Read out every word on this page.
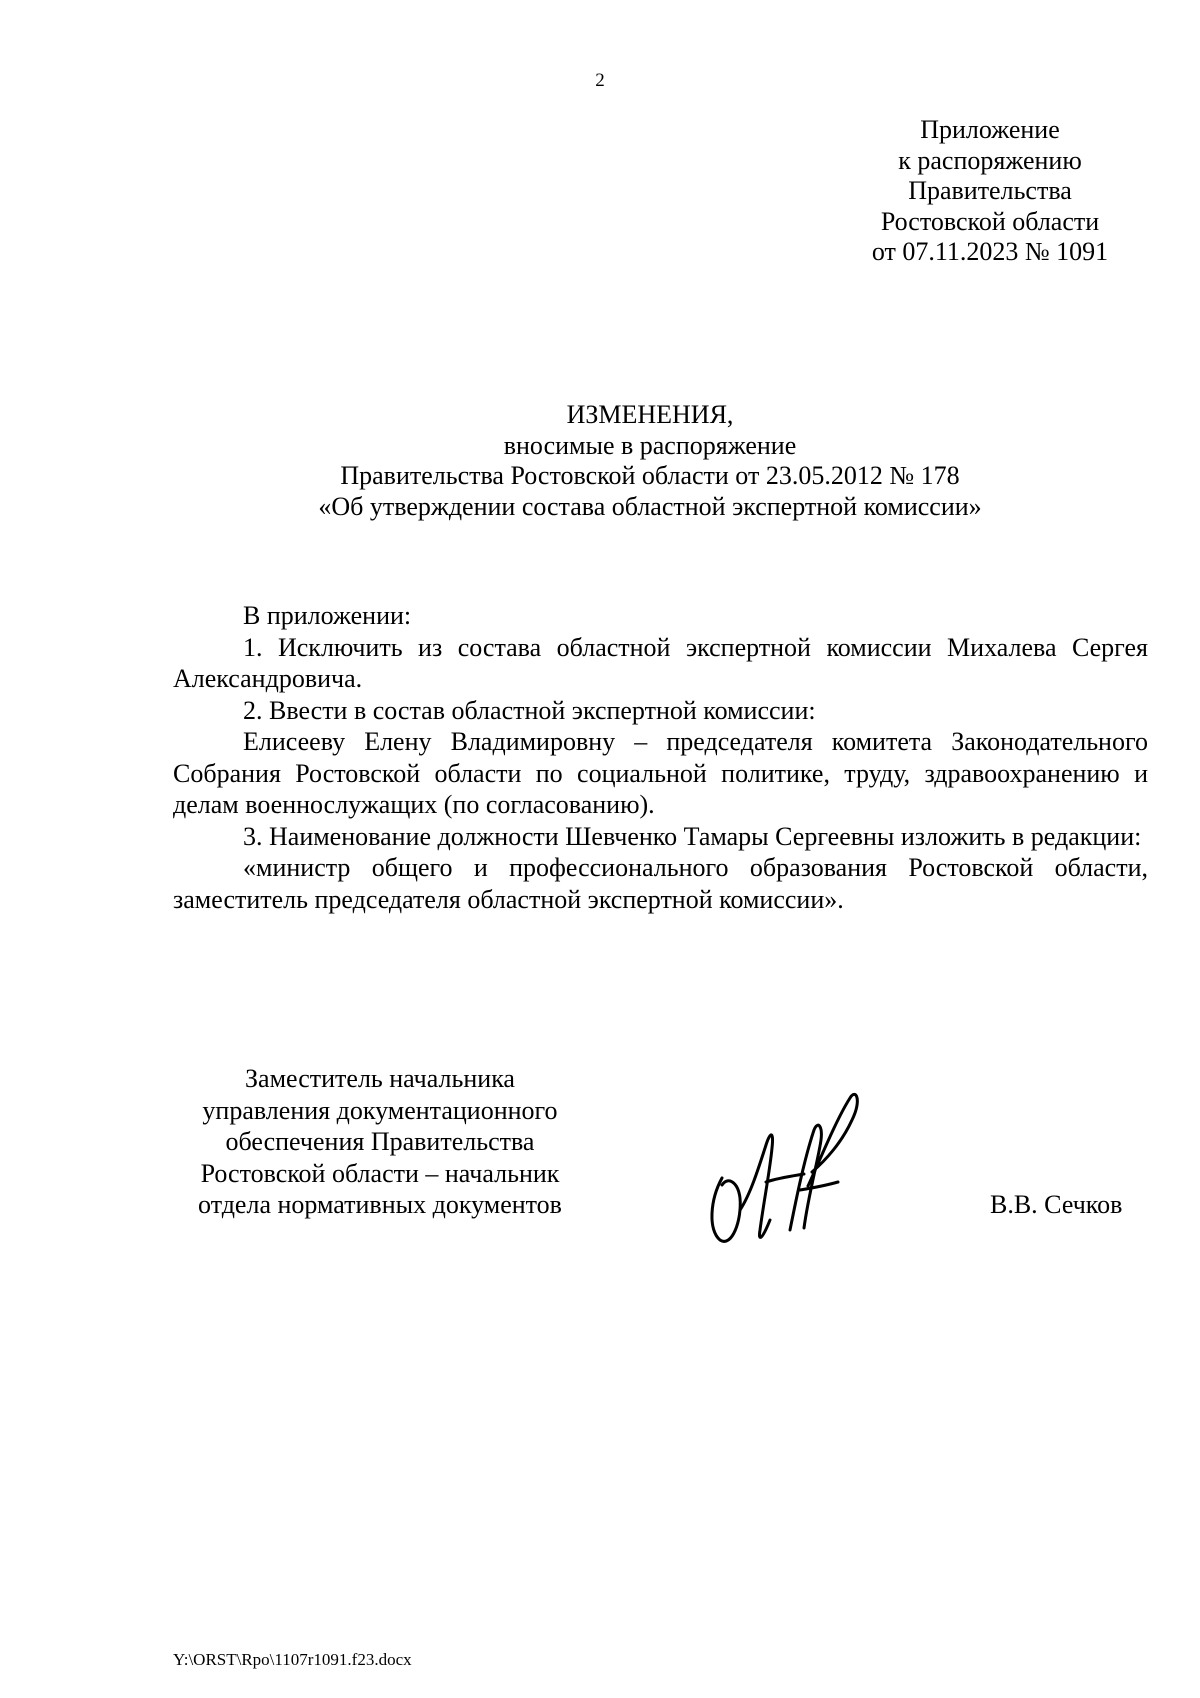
2
Приложение
к распоряжению
Правительства
Ростовской области
от 07.11.2023 № 1091
ИЗМЕНЕНИЯ,
вносимые в распоряжение
Правительства Ростовской области от 23.05.2012 № 178
«Об утверждении состава областной экспертной комиссии»

В приложении:

1. Исключить из состава областной экспертной комиссии Михалева Сергея Александровича.

2. Ввести в состав областной экспертной комиссии:

Елисееву Елену Владимировну – председателя комитета Законодательного Собрания Ростовской области по социальной политике, труду, здравоохранению и делам военнослужащих (по согласованию).

3. Наименование должности Шевченко Тамары Сергеевны изложить в редакции:

«министр общего и профессионального образования Ростовской области, заместитель председателя областной экспертной комиссии».

Заместитель начальника
управления документационного
обеспечения Правительства
Ростовской области – начальник
отдела нормативных документов	В.В. Сечков
Y:\ORST\Rpo\1107r1091.f23.docx
